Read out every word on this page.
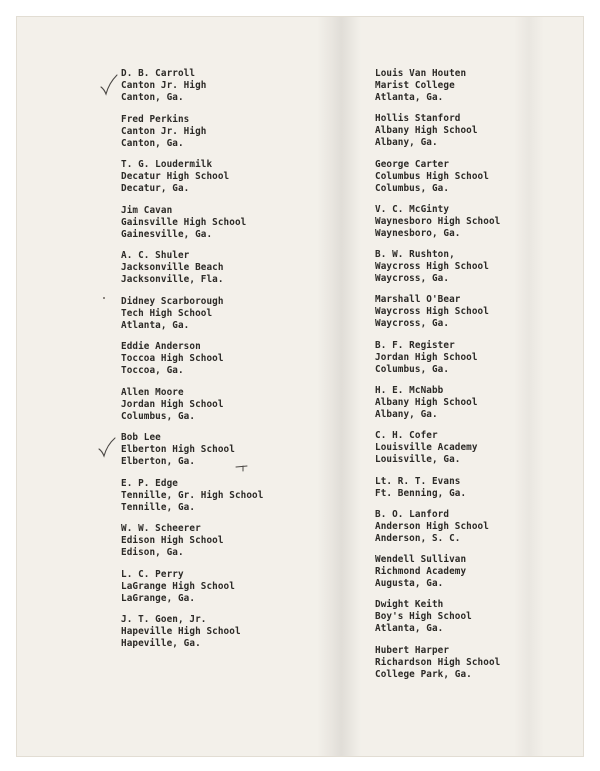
D. B. Carroll
Canton Jr. High
Canton, Ga.
Fred Perkins
Canton Jr. High
Canton, Ga.
T. G. Loudermilk
Decatur High School
Decatur, Ga.
Jim Cavan
Gainsville High School
Gainesville, Ga.
A. C. Shuler
Jacksonville Beach
Jacksonville, Fla.
Didney Scarborough
Tech High School
Atlanta, Ga.
Eddie Anderson
Toccoa High School
Toccoa, Ga.
Allen Moore
Jordan High School
Columbus, Ga.
Bob Lee
Elberton High School
Elberton, Ga.
E. P. Edge
Tennille, Gr. High School
Tennille, Ga.
W. W. Scheerer
Edison High School
Edison, Ga.
L. C. Perry
LaGrange High School
LaGrange, Ga.
J. T. Goen, Jr.
Hapeville High School
Hapeville, Ga.
Louis Van Houten
Marist College
Atlanta, Ga.
Hollis Stanford
Albany High School
Albany, Ga.
George Carter
Columbus High School
Columbus, Ga.
V. C. McGinty
Waynesboro High School
Waynesboro, Ga.
B. W. Rushton,
Waycross High School
Waycross, Ga.
Marshall O'Bear
Waycross High School
Waycross, Ga.
B. F. Register
Jordan High School
Columbus, Ga.
H. E. McNabb
Albany High School
Albany, Ga.
C. H. Cofer
Louisville Academy
Louisville, Ga.
Lt. R. T. Evans
Ft. Benning, Ga.
B. O. Lanford
Anderson High School
Anderson, S. C.
Wendell Sullivan
Richmond Academy
Augusta, Ga.
Dwight Keith
Boy's High School
Atlanta, Ga.
Hubert Harper
Richardson High School
College Park, Ga.
